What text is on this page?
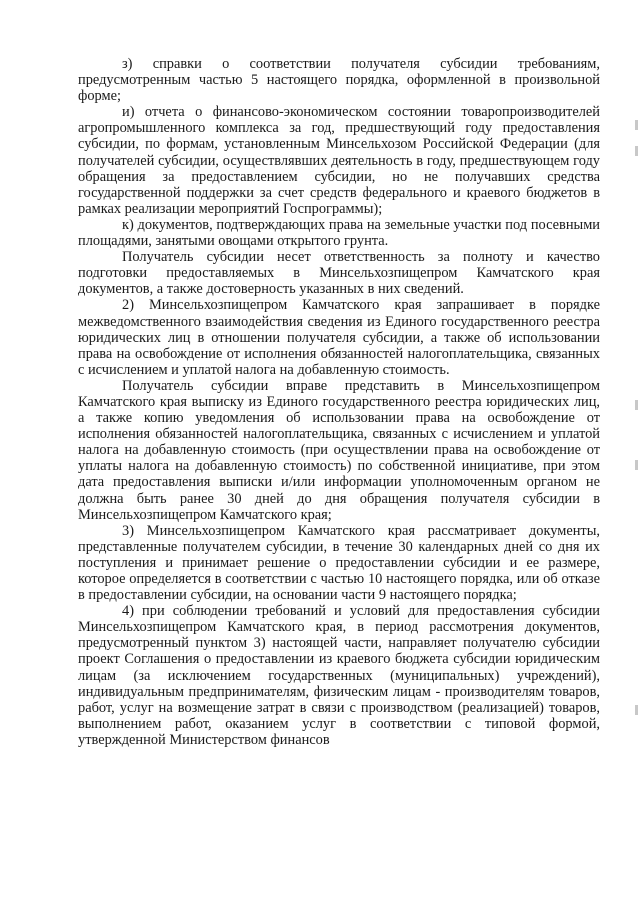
з) справки о соответствии получателя субсидии требованиям, предусмотренным частью 5 настоящего порядка, оформленной в произвольной форме;

и) отчета о финансово-экономическом состоянии товаропроизводителей агропромышленного комплекса за год, предшествующий году предоставления субсидии, по формам, установленным Минсельхозом Российской Федерации (для получателей субсидии, осуществлявших деятельность в году, предшествующем году обращения за предоставлением субсидии, но не получавших средства государственной поддержки за счет средств федерального и краевого бюджетов в рамках реализации мероприятий Госпрограммы);

к) документов, подтверждающих права на земельные участки под посевными площадями, занятыми овощами открытого грунта.

Получатель субсидии несет ответственность за полноту и качество подготовки предоставляемых в Минсельхозпищепром Камчатского края документов, а также достоверность указанных в них сведений.

2) Минсельхозпищепром Камчатского края запрашивает в порядке межведомственного взаимодействия сведения из Единого государственного реестра юридических лиц в отношении получателя субсидии, а также об использовании права на освобождение от исполнения обязанностей налогоплательщика, связанных с исчислением и уплатой налога на добавленную стоимость.

Получатель субсидии вправе представить в Минсельхозпищепром Камчатского края выписку из Единого государственного реестра юридических лиц, а также копию уведомления об использовании права на освобождение от исполнения обязанностей налогоплательщика, связанных с исчислением и уплатой налога на добавленную стоимость (при осуществлении права на освобождение от уплаты налога на добавленную стоимость) по собственной инициативе, при этом дата предоставления выписки и/или информации уполномоченным органом не должна быть ранее 30 дней до дня обращения получателя субсидии в Минсельхозпищепром Камчатского края;

3) Минсельхозпищепром Камчатского края рассматривает документы, представленные получателем субсидии, в течение 30 календарных дней со дня их поступления и принимает решение о предоставлении субсидии и ее размере, которое определяется в соответствии с частью 10 настоящего порядка, или об отказе в предоставлении субсидии, на основании части 9 настоящего порядка;

4) при соблюдении требований и условий для предоставления субсидии Минсельхозпищепром Камчатского края, в период рассмотрения документов, предусмотренный пунктом 3) настоящей части, направляет получателю субсидии проект Соглашения о предоставлении из краевого бюджета субсидии юридическим лицам (за исключением государственных (муниципальных) учреждений), индивидуальным предпринимателям, физическим лицам - производителям товаров, работ, услуг на возмещение затрат в связи с производством (реализацией) товаров, выполнением работ, оказанием услуг в соответствии с типовой формой, утвержденной Министерством финансов
